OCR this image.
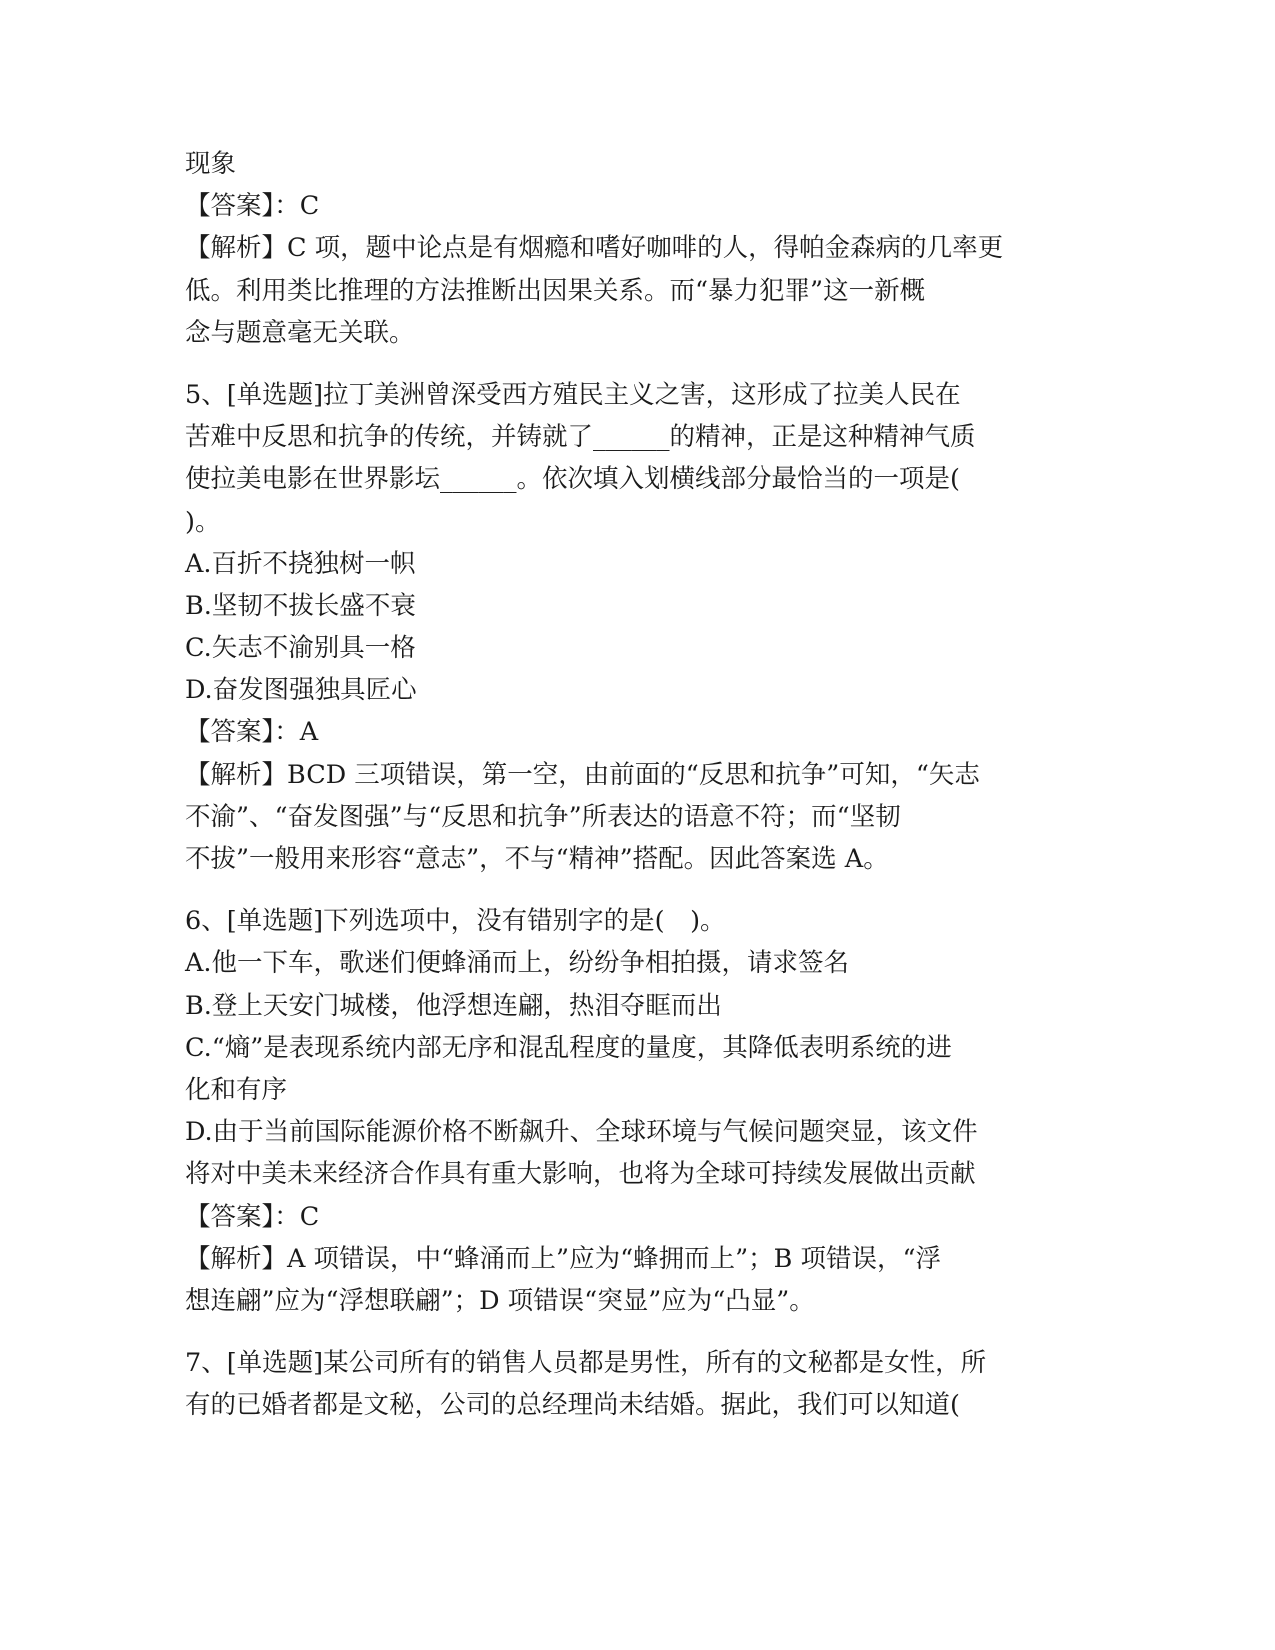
现象
【答案】：C
【解析】C 项，题中论点是有烟瘾和嗜好咖啡的人，得帕金森病的几率更
低。利用类比推理的方法推断出因果关系。而“暴力犯罪”这一新概
念与题意毫无关联。
5、[单选题]拉丁美洲曾深受西方殖民主义之害，这形成了拉美人民在
苦难中反思和抗争的传统，并铸就了______的精神，正是这种精神气质
使拉美电影在世界影坛______。依次填入划横线部分最恰当的一项是(
)。
A.百折不挠独树一帜
B.坚韧不拔长盛不衰
C.矢志不渝别具一格
D.奋发图强独具匠心
【答案】：A
【解析】BCD 三项错误，第一空，由前面的“反思和抗争”可知，“矢志
不渝”、“奋发图强”与“反思和抗争”所表达的语意不符；而“坚韧
不拔”一般用来形容“意志”，不与“精神”搭配。因此答案选 A。
6、[单选题]下列选项中，没有错别字的是(　)。
A.他一下车，歌迷们便蜂涌而上，纷纷争相拍摄，请求签名
B.登上天安门城楼，他浮想连翩，热泪夺眶而出
C.“熵”是表现系统内部无序和混乱程度的量度，其降低表明系统的进
化和有序
D.由于当前国际能源价格不断飙升、全球环境与气候问题突显，该文件
将对中美未来经济合作具有重大影响，也将为全球可持续发展做出贡献
【答案】：C
【解析】A 项错误，中“蜂涌而上”应为“蜂拥而上”；B 项错误，“浮
想连翩”应为“浮想联翩”；D 项错误“突显”应为“凸显”。
7、[单选题]某公司所有的销售人员都是男性，所有的文秘都是女性，所
有的已婚者都是文秘，公司的总经理尚未结婚。据此，我们可以知道(
